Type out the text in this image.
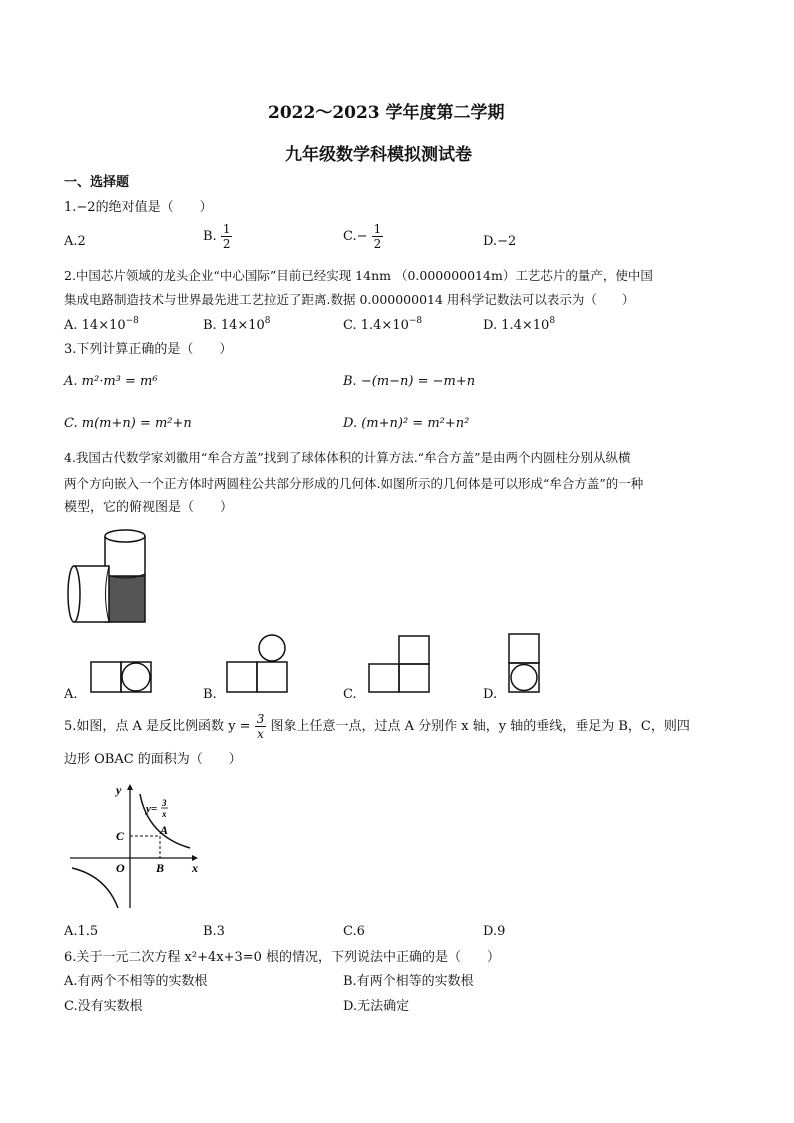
2022～2023 学年度第二学期
九年级数学科模拟测试卷
一、选择题
1.−2的绝对值是（　　）
A.2	B. $\frac{1}{2}$	$C.- \frac{1}{2}$	D.−2
2.中国芯片领域的龙头企业“中心国际”目前已经实现 14nm （0.000000014m）工艺芯片的量产，使中国
集成电路制造技术与世界最先进工艺拉近了距离.数据 0.000000014 用科学记数法可以表示为（　　）
A. $14\times 10^{-8}$	B. $14\times 10^8$	C. $1.4\times 10^{-8}$	D. $1.4\times 10^8$
3.下列计算正确的是（　　）
A. m²·m³ = m⁶	B. −(m−n) = −m+n
C. m(m+n) = m²+n	D. (m+n)² = m²+n²
4.我国古代数学家刘徽用“牟合方盖”找到了球体体积的计算方法.“牟合方盖”是由两个内圆柱分别从纵横
两个方向嵌入一个正方体时两圆柱公共部分形成的几何体.如图所示的几何体是可以形成“牟合方盖”的一种
模型，它的俯视图是（　　）
A.	B.	C.	D.
5.如图，点 A 是反比例函数 $y = \frac{3}{x}$ 图象上任意一点，过点 A 分别作 x 轴，y 轴的垂线，垂足为 B，C，则四
边形 OBAC 的面积为（　　）
y
x
y= 3
x
C	A
O	B
A.1.5	B.3	C.6	D.9
6.关于一元二次方程 x²+4x+3=0 根的情况，下列说法中正确的是（　　）
A.有两个不相等的实数根	B.有两个相等的实数根
C.没有实数根	D.无法确定
